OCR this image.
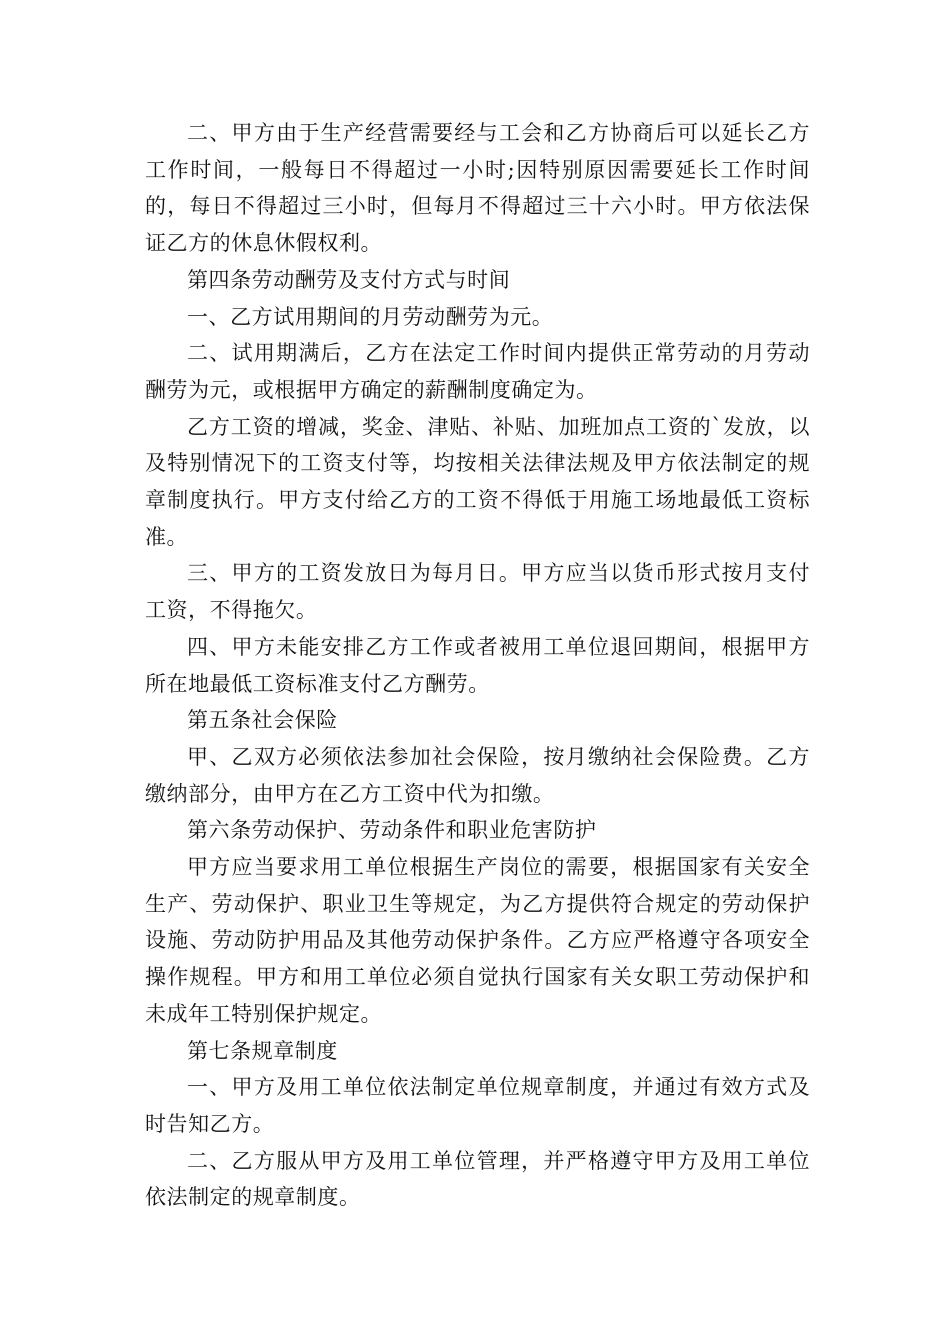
二、甲方由于生产经营需要经与工会和乙方协商后可以延长乙方工作时间，一般每日不得超过一小时;因特别原因需要延长工作时间的，每日不得超过三小时，但每月不得超过三十六小时。甲方依法保证乙方的休息休假权利。

第四条劳动酬劳及支付方式与时间

一、乙方试用期间的月劳动酬劳为元。

二、试用期满后，乙方在法定工作时间内提供正常劳动的月劳动酬劳为元，或根据甲方确定的薪酬制度确定为。

乙方工资的增减，奖金、津贴、补贴、加班加点工资的`发放，以及特别情况下的工资支付等，均按相关法律法规及甲方依法制定的规章制度执行。甲方支付给乙方的工资不得低于用施工场地最低工资标准。

三、甲方的工资发放日为每月日。甲方应当以货币形式按月支付工资，不得拖欠。

四、甲方未能安排乙方工作或者被用工单位退回期间，根据甲方所在地最低工资标准支付乙方酬劳。

第五条社会保险

甲、乙双方必须依法参加社会保险，按月缴纳社会保险费。乙方缴纳部分，由甲方在乙方工资中代为扣缴。

第六条劳动保护、劳动条件和职业危害防护

甲方应当要求用工单位根据生产岗位的需要，根据国家有关安全生产、劳动保护、职业卫生等规定，为乙方提供符合规定的劳动保护设施、劳动防护用品及其他劳动保护条件。乙方应严格遵守各项安全操作规程。甲方和用工单位必须自觉执行国家有关女职工劳动保护和未成年工特别保护规定。

第七条规章制度

一、甲方及用工单位依法制定单位规章制度，并通过有效方式及时告知乙方。

二、乙方服从甲方及用工单位管理，并严格遵守甲方及用工单位依法制定的规章制度。
